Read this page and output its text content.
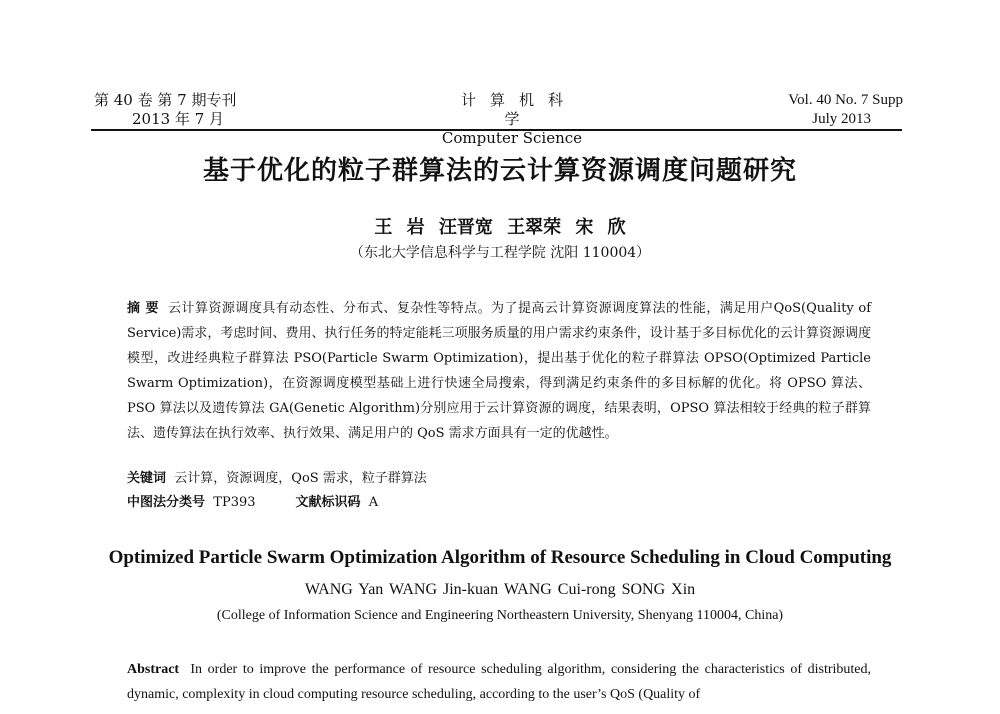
第 40 卷 第 7 期专刊
2013 年 7 月
计算机科学
Computer Science
Vol. 40 No. 7 Supp
July 2013
基于优化的粒子群算法的云计算资源调度问题研究
王 岩 汪晋宽 王翠荣 宋 欣
（东北大学信息科学与工程学院 沈阳 110004）
摘 要 云计算资源调度具有动态性、分布式、复杂性等特点。为了提高云计算资源调度算法的性能，满足用户QoS(Quality of Service)需求，考虑时间、费用、执行任务的特定能耗三项服务质量的用户需求约束条件，设计基于多目标优化的云计算资源调度模型，改进经典粒子群算法 PSO(Particle Swarm Optimization)，提出基于优化的粒子群算法 OPSO(Optimized Particle Swarm Optimization)，在资源调度模型基础上进行快速全局搜索，得到满足约束条件的多目标解的优化。将 OPSO 算法、PSO 算法以及遗传算法 GA(Genetic Algorithm)分别应用于云计算资源的调度，结果表明，OPSO 算法相较于经典的粒子群算法、遗传算法在执行效率、执行效果、满足用户的 QoS 需求方面具有一定的优越性。
关键词 云计算，资源调度，QoS 需求，粒子群算法
中图法分类号 TP393	文献标识码 A
Optimized Particle Swarm Optimization Algorithm of Resource Scheduling in Cloud Computing
WANG Yan WANG Jin-kuan WANG Cui-rong SONG Xin
(College of Information Science and Engineering Northeastern University, Shenyang 110004, China)
Abstract In order to improve the performance of resource scheduling algorithm, considering the characteristics of distributed, dynamic, complexity in cloud computing resource scheduling, according to the user’s QoS (Quality of
